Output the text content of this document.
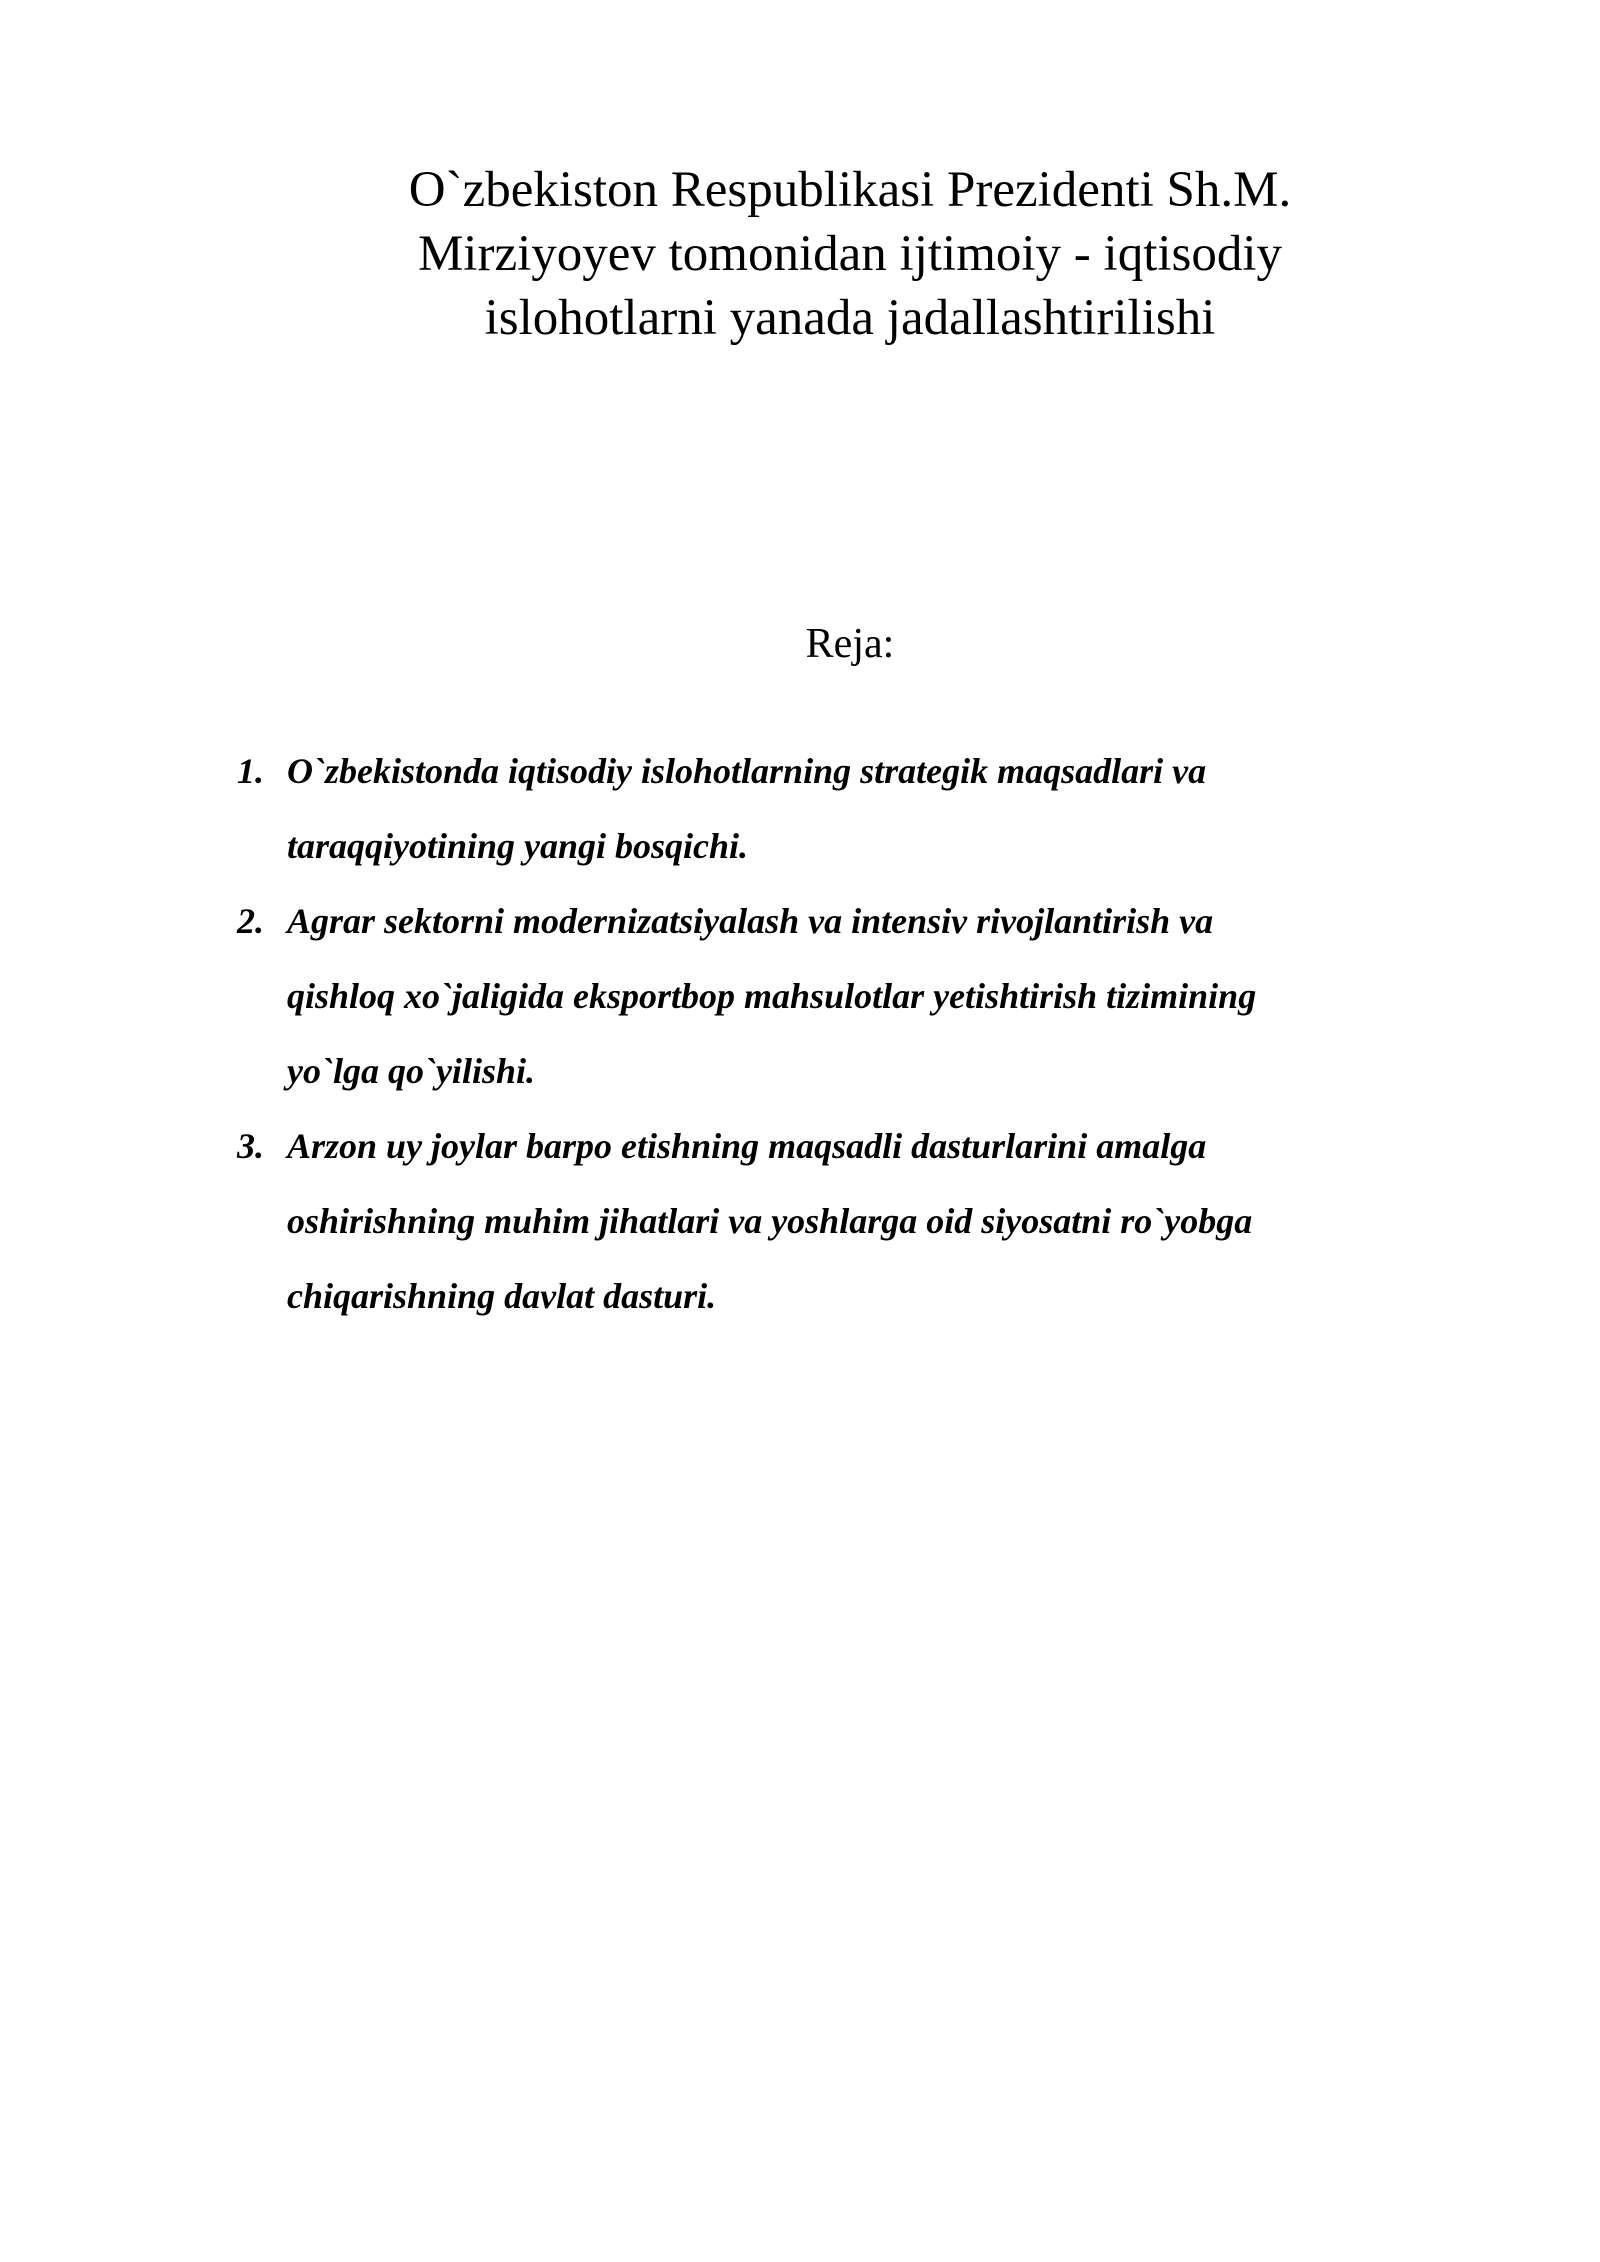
O`zbekiston Respublikasi Prezidenti Sh.M.
Mirziyoyev tomonidan ijtimoiy - iqtisodiy
islohotlarni yanada jadallashtirilishi
Reja:
1. O`zbekistonda iqtisodiy islohotlarning strategik maqsadlari va
taraqqiyotining yangi bosqichi.
2. Agrar sektorni modernizatsiyalash va intensiv rivojlantirish va
qishloq xo`jaligida eksportbop mahsulotlar yetishtirish tizimining
yo`lga qo`yilishi.
3. Arzon uy joylar barpo etishning maqsadli dasturlarini amalga
oshirishning muhim jihatlari va yoshlarga oid siyosatni ro`yobga
chiqarishning davlat dasturi.
